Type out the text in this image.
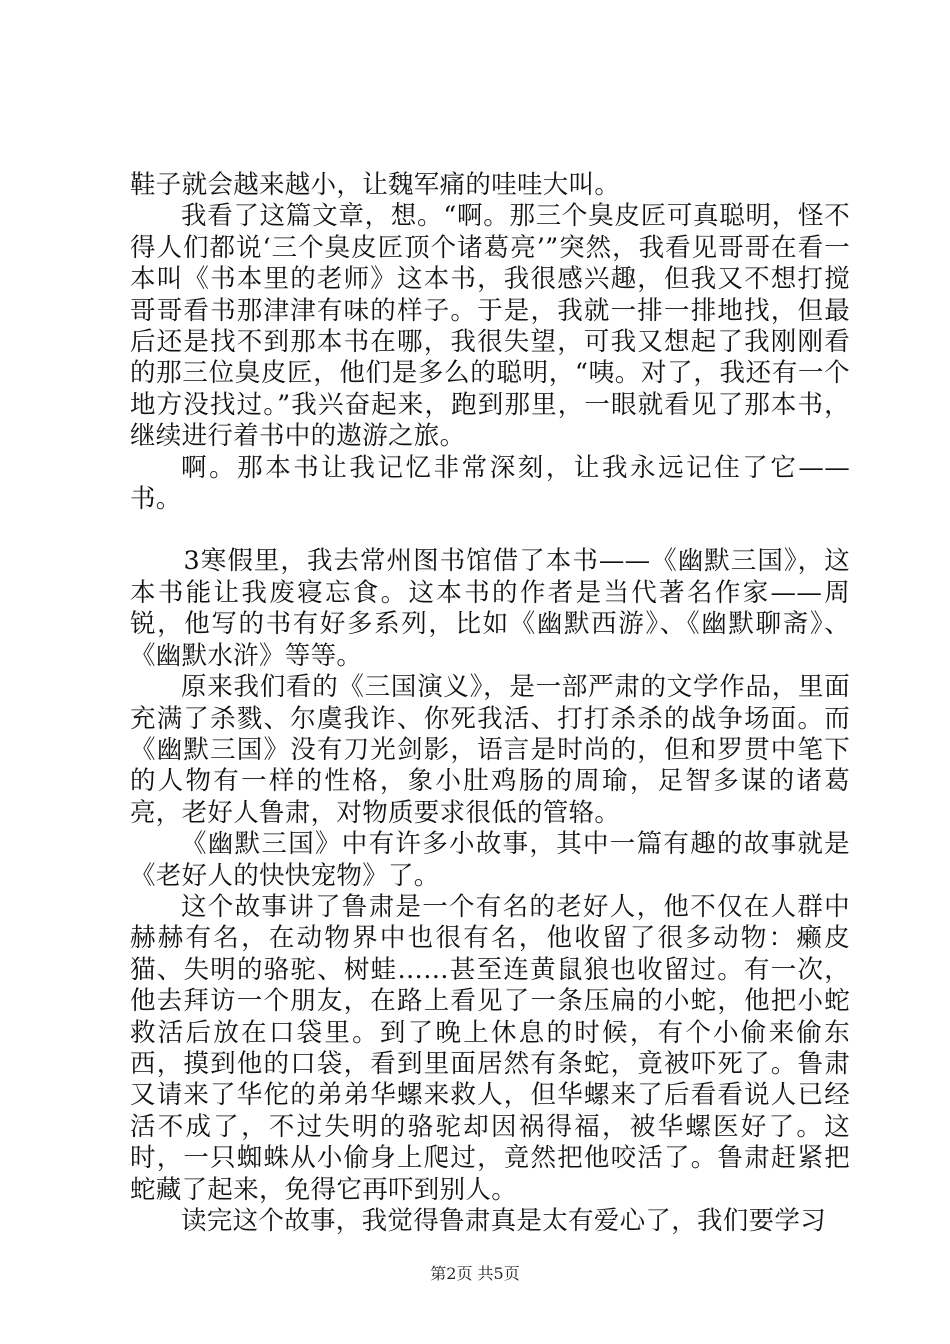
鞋子就会越来越小，让魏军痛的哇哇大叫。

我看了这篇文章，想。“啊。那三个臭皮匠可真聪明，怪不得人们都说‘三个臭皮匠顶个诸葛亮’”突然，我看见哥哥在看一本叫《书本里的老师》这本书，我很感兴趣，但我又不想打搅哥哥看书那津津有味的样子。于是，我就一排一排地找，但最后还是找不到那本书在哪，我很失望，可我又想起了我刚刚看的那三位臭皮匠，他们是多么的聪明，“咦。对了，我还有一个地方没找过。”我兴奋起来，跑到那里，一眼就看见了那本书，继续进行着书中的遨游之旅。

啊。那本书让我记忆非常深刻，让我永远记住了它——书。

3寒假里，我去常州图书馆借了本书——《幽默三国》，这本书能让我废寝忘食。这本书的作者是当代著名作家——周锐，他写的书有好多系列，比如《幽默西游》、《幽默聊斋》、《幽默水浒》等等。

原来我们看的《三国演义》，是一部严肃的文学作品，里面充满了杀戮、尔虞我诈、你死我活、打打杀杀的战争场面。而《幽默三国》没有刀光剑影，语言是时尚的，但和罗贯中笔下的人物有一样的性格，象小肚鸡肠的周瑜，足智多谋的诸葛亮，老好人鲁肃，对物质要求很低的管辂。

《幽默三国》中有许多小故事，其中一篇有趣的故事就是《老好人的快快宠物》了。

这个故事讲了鲁肃是一个有名的老好人，他不仅在人群中赫赫有名，在动物界中也很有名，他收留了很多动物：癞皮猫、失明的骆驼、树蛙……甚至连黄鼠狼也收留过。有一次，他去拜访一个朋友，在路上看见了一条压扁的小蛇，他把小蛇救活后放在口袋里。到了晚上休息的时候，有个小偷来偷东西，摸到他的口袋，看到里面居然有条蛇，竟被吓死了。鲁肃又请来了华佗的弟弟华螺来救人，但华螺来了后看看说人已经活不成了，不过失明的骆驼却因祸得福，被华螺医好了。这时，一只蜘蛛从小偷身上爬过，竟然把他咬活了。鲁肃赶紧把蛇藏了起来，免得它再吓到别人。

读完这个故事，我觉得鲁肃真是太有爱心了，我们要学习

第2页 共5页
